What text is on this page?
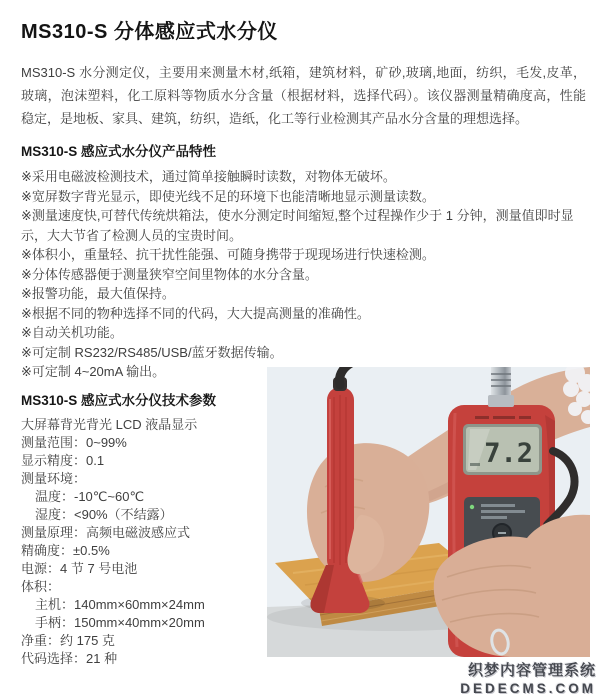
MS310-S 分体感应式水分仪

MS310-S 水分测定仪，主要用来测量木材,纸箱，建筑材料，矿砂,玻璃,地面，纺织，毛发,皮革，玻璃，泡沫塑料，化工原料等物质水分含量（根据材料，选择代码）。该仪器测量精确度高，性能稳定，是地板、家具、建筑，纺织，造纸，化工等行业检测其产品水分含量的理想选择。

MS310-S 感应式水分仪产品特性
※采用电磁波检测技术，通过简单接触瞬时读数，对物体无破坏。
※宽屏数字背光显示，即使光线不足的环境下也能清晰地显示测量读数。
※测量速度快,可替代传统烘箱法，使水分测定时间缩短,整个过程操作少于 1 分钟，测量值即时显示，大大节省了检测人员的宝贵时间。
※体积小，重量轻、抗干扰性能强、可随身携带于现现场进行快速检测。
※分体传感器便于测量狭窄空间里物体的水分含量。
※报警功能，最大值保持。
※根据不同的物种选择不同的代码，大大提高测量的准确性。
※自动关机功能。
※可定制 RS232/RS485/USB/蓝牙数据传输。
※可定制 4~20mA 输出。
MS310-S 感应式水分仪技术参数
大屏幕背光背光 LCD 液晶显示
测量范围：0~99%
显示精度：0.1
测量环境：
温度：-10℃~60℃
湿度：<90%（不结露）
测量原理：高频电磁波感应式
精确度：±0.5%
电源：4 节 7 号电池
体积：
主机：140mm×60mm×24mm
手柄：150mm×40mm×20mm
净重：约 175 克
代码选择：21 种
7.2
织梦内容管理系统
DEDECMS.COM
